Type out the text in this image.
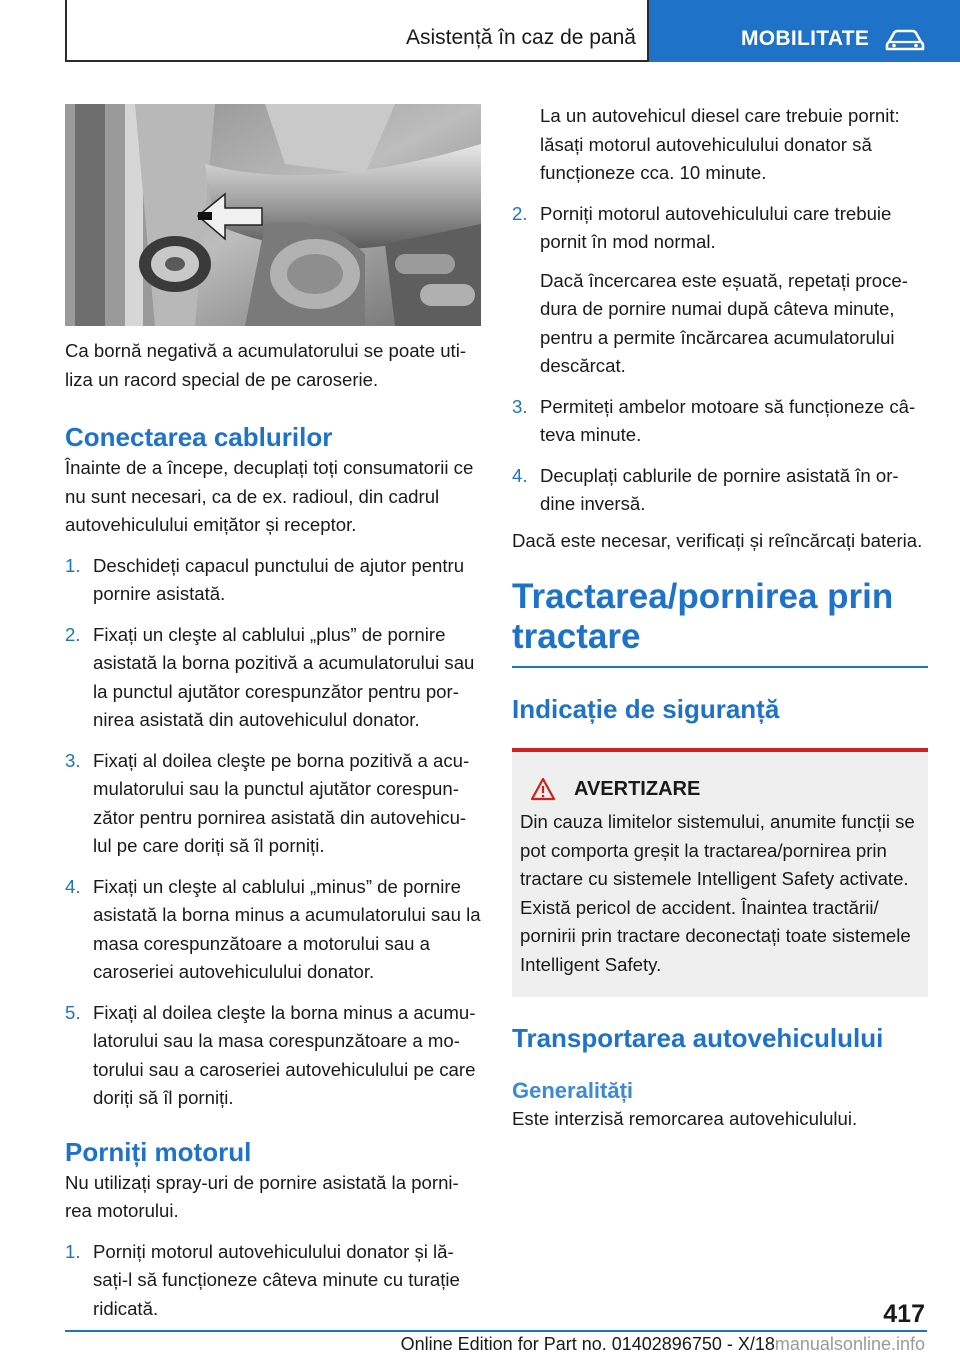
Asistență în caz de pană	MOBILITATE

Ca bornă negativă a acumulatorului se poate uti-liza un racord special de pe caroserie.

Conectarea cablurilor

Înainte de a începe, decuplați toți consumatorii ce nu sunt necesari, ca de ex. radioul, din cadrul autovehiculului emițător și receptor.

1. Deschideți capacul punctului de ajutor pentru pornire asistată.
2. Fixați un cleşte al cablului „plus” de pornire asistată la borna pozitivă a acumulatorului sau la punctul ajutător corespunzător pentru por-nirea asistată din autovehiculul donator.
3. Fixați al doilea cleşte pe borna pozitivă a acu-mulatorului sau la punctul ajutător corespun-zător pentru pornirea asistată din autovehicu-lul pe care doriți să îl porniți.
4. Fixați un cleşte al cablului „minus” de pornire asistată la borna minus a acumulatorului sau la masa corespunzătoare a motorului sau a caroseriei autovehiculului donator.
5. Fixați al doilea cleşte la borna minus a acumu-latorului sau la masa corespunzătoare a mo-torului sau a caroseriei autovehiculului pe care doriți să îl porniți.
Porniți motorul

Nu utilizați spray-uri de pornire asistată la porni-rea motorului.

1. Porniți motorul autovehiculului donator și lă-sați-l să funcționeze câteva minute cu turație ridicată.

La un autovehicul diesel care trebuie pornit: lăsați motorul autovehiculului donator să funcționeze cca. 10 minute.

2. Porniți motorul autovehiculului care trebuie pornit în mod normal.

Dacă încercarea este eșuată, repetați proce-dura de pornire numai după câteva minute, pentru a permite încărcarea acumulatorului descărcat.

3. Permiteți ambelor motoare să funcționeze câ-teva minute.
4. Decuplați cablurile de pornire asistată în or-dine inversă.

Dacă este necesar, verificați și reîncărcați bateria.

Tractarea/pornirea prin tractare
Indicație de siguranță
AVERTIZARE

Din cauza limitelor sistemului, anumite funcții se pot comporta greșit la tractarea/pornirea prin tractare cu sistemele Intelligent Safety activate. Există pericol de accident. Înaintea tractării/ pornirii prin tractare deconectați toate sistemele Intelligent Safety.

Transportarea autovehiculului
Generalități

Este interzisă remorcarea autovehiculului.

417
Online Edition for Part no. 01402896750 - X/18manualsonline.info
